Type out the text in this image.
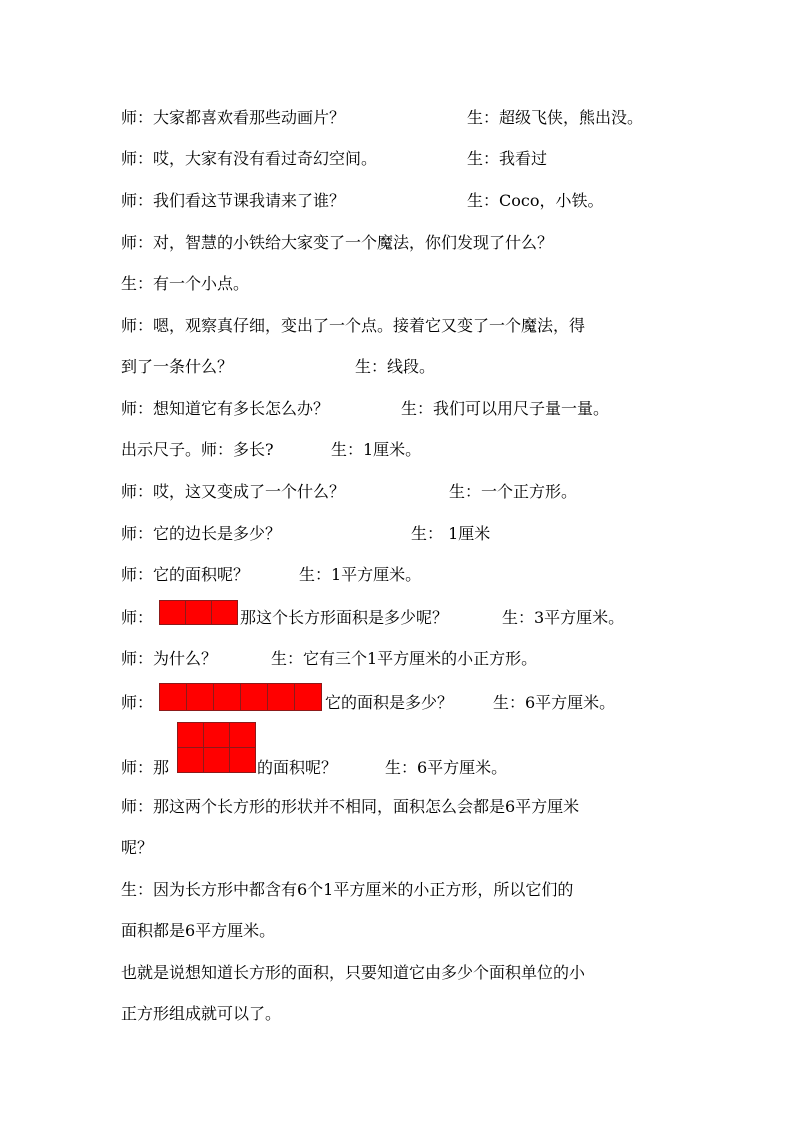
师：大家都喜欢看那些动画片？	生：超级飞侠，熊出没。
师：哎，大家有没有看过奇幻空间。	生：我看过
师：我们看这节课我请来了谁？	生：Coco，小铁。
师：对，智慧的小铁给大家变了一个魔法，你们发现了什么？
生：有一个小点。
师：嗯，观察真仔细，变出了一个点。接着它又变了一个魔法，得
到了一条什么？	生：线段。
师：想知道它有多长怎么办？	生：我们可以用尺子量一量。
出示尺子。师：多长?	生：1厘米。
师：哎，这又变成了一个什么？	生：一个正方形。
师：它的边长是多少？	生： 1厘米
师：它的面积呢？	生：1平方厘米。
师：	那这个长方形面积是多少呢？	生：3平方厘米。
师：为什么？	生：它有三个1平方厘米的小正方形。
师：	它的面积是多少？ 生：6平方厘米。
师：那	的面积呢？	生：6平方厘米。
师：那这两个长方形的形状并不相同，面积怎么会都是6平方厘米
呢？
生：因为长方形中都含有6个1平方厘米的小正方形，所以它们的
面积都是6平方厘米。
也就是说想知道长方形的面积，只要知道它由多少个面积单位的小
正方形组成就可以了。
